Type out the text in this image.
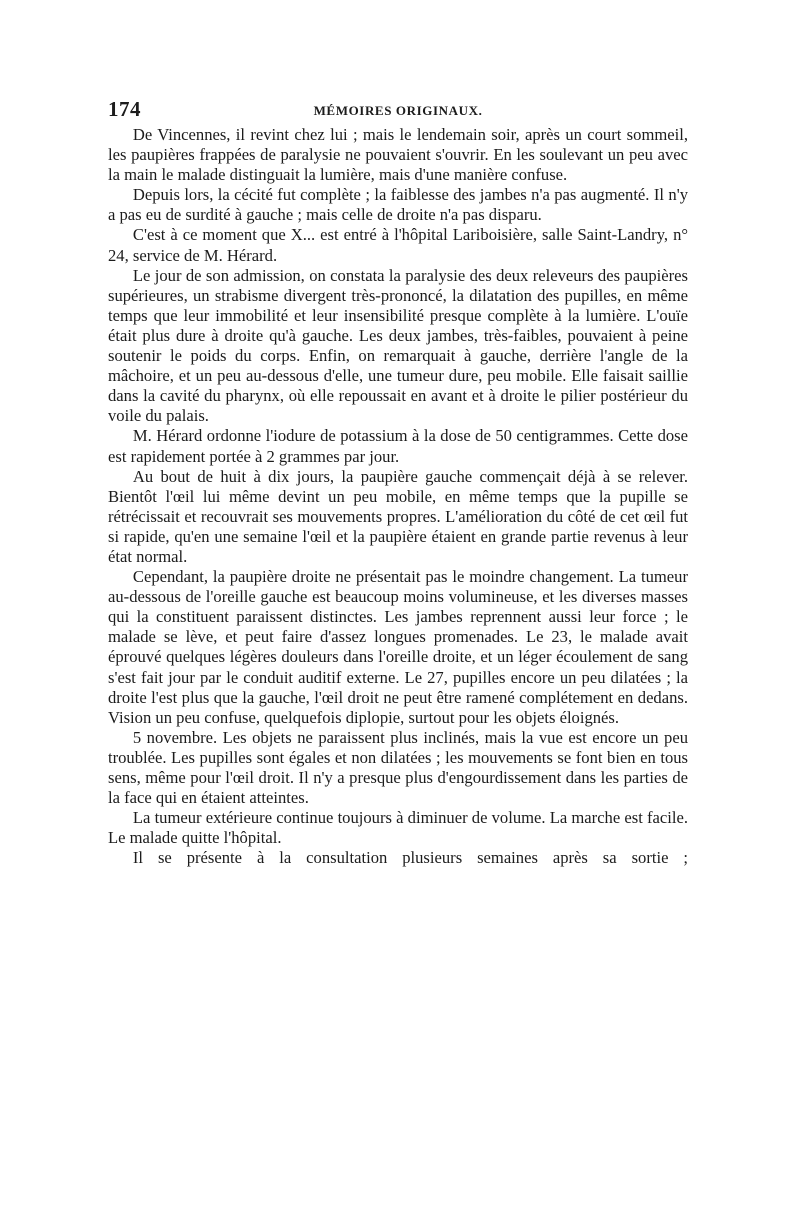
174	MÉMOIRES ORIGINAUX.

De Vincennes, il revint chez lui ; mais le lendemain soir, après un court sommeil, les paupières frappées de paralysie ne pouvaient s'ouvrir. En les soulevant un peu avec la main le malade distinguait la lumière, mais d'une manière confuse.

Depuis lors, la cécité fut complète ; la faiblesse des jambes n'a pas augmenté. Il n'y a pas eu de surdité à gauche ; mais celle de droite n'a pas disparu.

C'est à ce moment que X... est entré à l'hôpital Lariboisière, salle Saint-Landry, n° 24, service de M. Hérard.

Le jour de son admission, on constata la paralysie des deux releveurs des paupières supérieures, un strabisme divergent très-prononcé, la dilatation des pupilles, en même temps que leur immobilité et leur insensibilité presque complète à la lumière. L'ouïe était plus dure à droite qu'à gauche. Les deux jambes, très-faibles, pouvaient à peine soutenir le poids du corps. Enfin, on remarquait à gauche, derrière l'angle de la mâchoire, et un peu au-dessous d'elle, une tumeur dure, peu mobile. Elle faisait saillie dans la cavité du pharynx, où elle repoussait en avant et à droite le pilier postérieur du voile du palais.

M. Hérard ordonne l'iodure de potassium à la dose de 50 centigrammes. Cette dose est rapidement portée à 2 grammes par jour.

Au bout de huit à dix jours, la paupière gauche commençait déjà à se relever. Bientôt l'œil lui même devint un peu mobile, en même temps que la pupille se rétrécissait et recouvrait ses mouvements propres. L'amélioration du côté de cet œil fut si rapide, qu'en une semaine l'œil et la paupière étaient en grande partie revenus à leur état normal.

Cependant, la paupière droite ne présentait pas le moindre changement. La tumeur au-dessous de l'oreille gauche est beaucoup moins volumineuse, et les diverses masses qui la constituent paraissent distinctes. Les jambes reprennent aussi leur force ; le malade se lève, et peut faire d'assez longues promenades. Le 23, le malade avait éprouvé quelques légères douleurs dans l'oreille droite, et un léger écoulement de sang s'est fait jour par le conduit auditif externe. Le 27, pupilles encore un peu dilatées ; la droite l'est plus que la gauche, l'œil droit ne peut être ramené complétement en dedans. Vision un peu confuse, quelquefois diplopie, surtout pour les objets éloignés.

5 novembre. Les objets ne paraissent plus inclinés, mais la vue est encore un peu troublée. Les pupilles sont égales et non dilatées ; les mouvements se font bien en tous sens, même pour l'œil droit. Il n'y a presque plus d'engourdissement dans les parties de la face qui en étaient atteintes.

La tumeur extérieure continue toujours à diminuer de volume. La marche est facile. Le malade quitte l'hôpital.

Il se présente à la consultation plusieurs semaines après sa sortie ;
